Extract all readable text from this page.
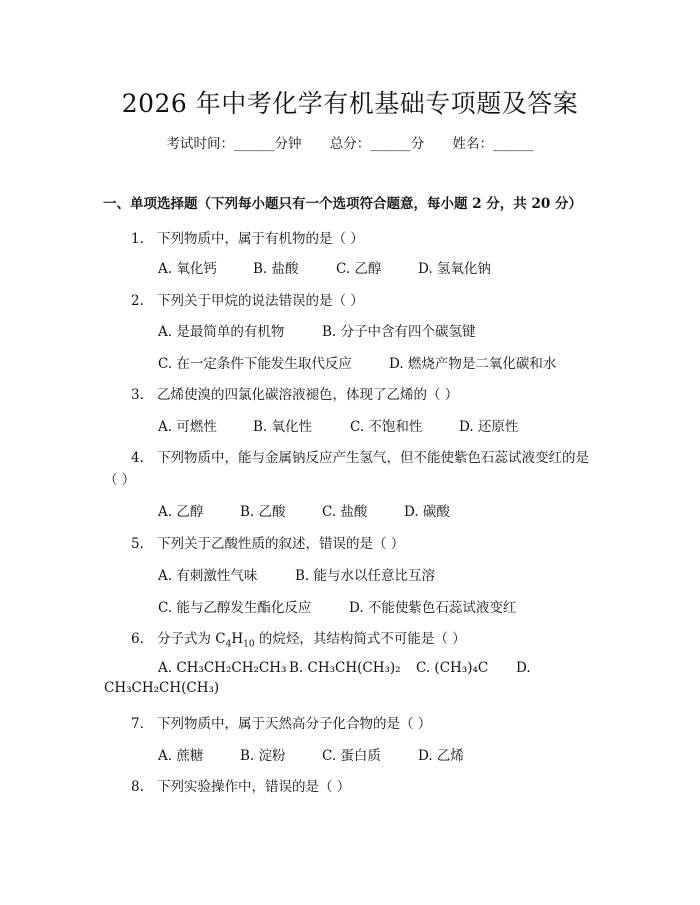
2026 年中考化学有机基础专项题及答案
考试时间：______分钟 总分：______分 姓名：______
一、单项选择题（下列每小题只有一个选项符合题意，每小题 2 分，共 20 分）
1. 下列物质中，属于有机物的是（ ）
A. 氧化钙	B. 盐酸	C. 乙醇	D. 氢氧化钠
2. 下列关于甲烷的说法错误的是（ ）
A. 是最简单的有机物	B. 分子中含有四个碳氢键
C. 在一定条件下能发生取代反应	D. 燃烧产物是二氧化碳和水
3. 乙烯使溴的四氯化碳溶液褪色，体现了乙烯的（ ）
A. 可燃性	B. 氧化性	C. 不饱和性	D. 还原性
4. 下列物质中，能与金属钠反应产生氢气，但不能使紫色石蕊试液变红的是
（ ）
A. 乙醇	B. 乙酸	C. 盐酸	D. 碳酸
5. 下列关于乙酸性质的叙述，错误的是（ ）
A. 有刺激性气味	B. 能与水以任意比互溶
C. 能与乙醇发生酯化反应	D. 不能使紫色石蕊试液变红
6. 分子式为 $C_4H_{10}$ 的烷烃，其结构简式不可能是（ ）
A. CH₃CH₂CH₂CH₃ B. CH₃CH(CH₃)₂ C. (CH₃)₄C D.
CH₃CH₂CH(CH₃)
7. 下列物质中，属于天然高分子化合物的是（ ）
A. 蔗糖	B. 淀粉	C. 蛋白质	D. 乙烯
8. 下列实验操作中，错误的是（ ）
